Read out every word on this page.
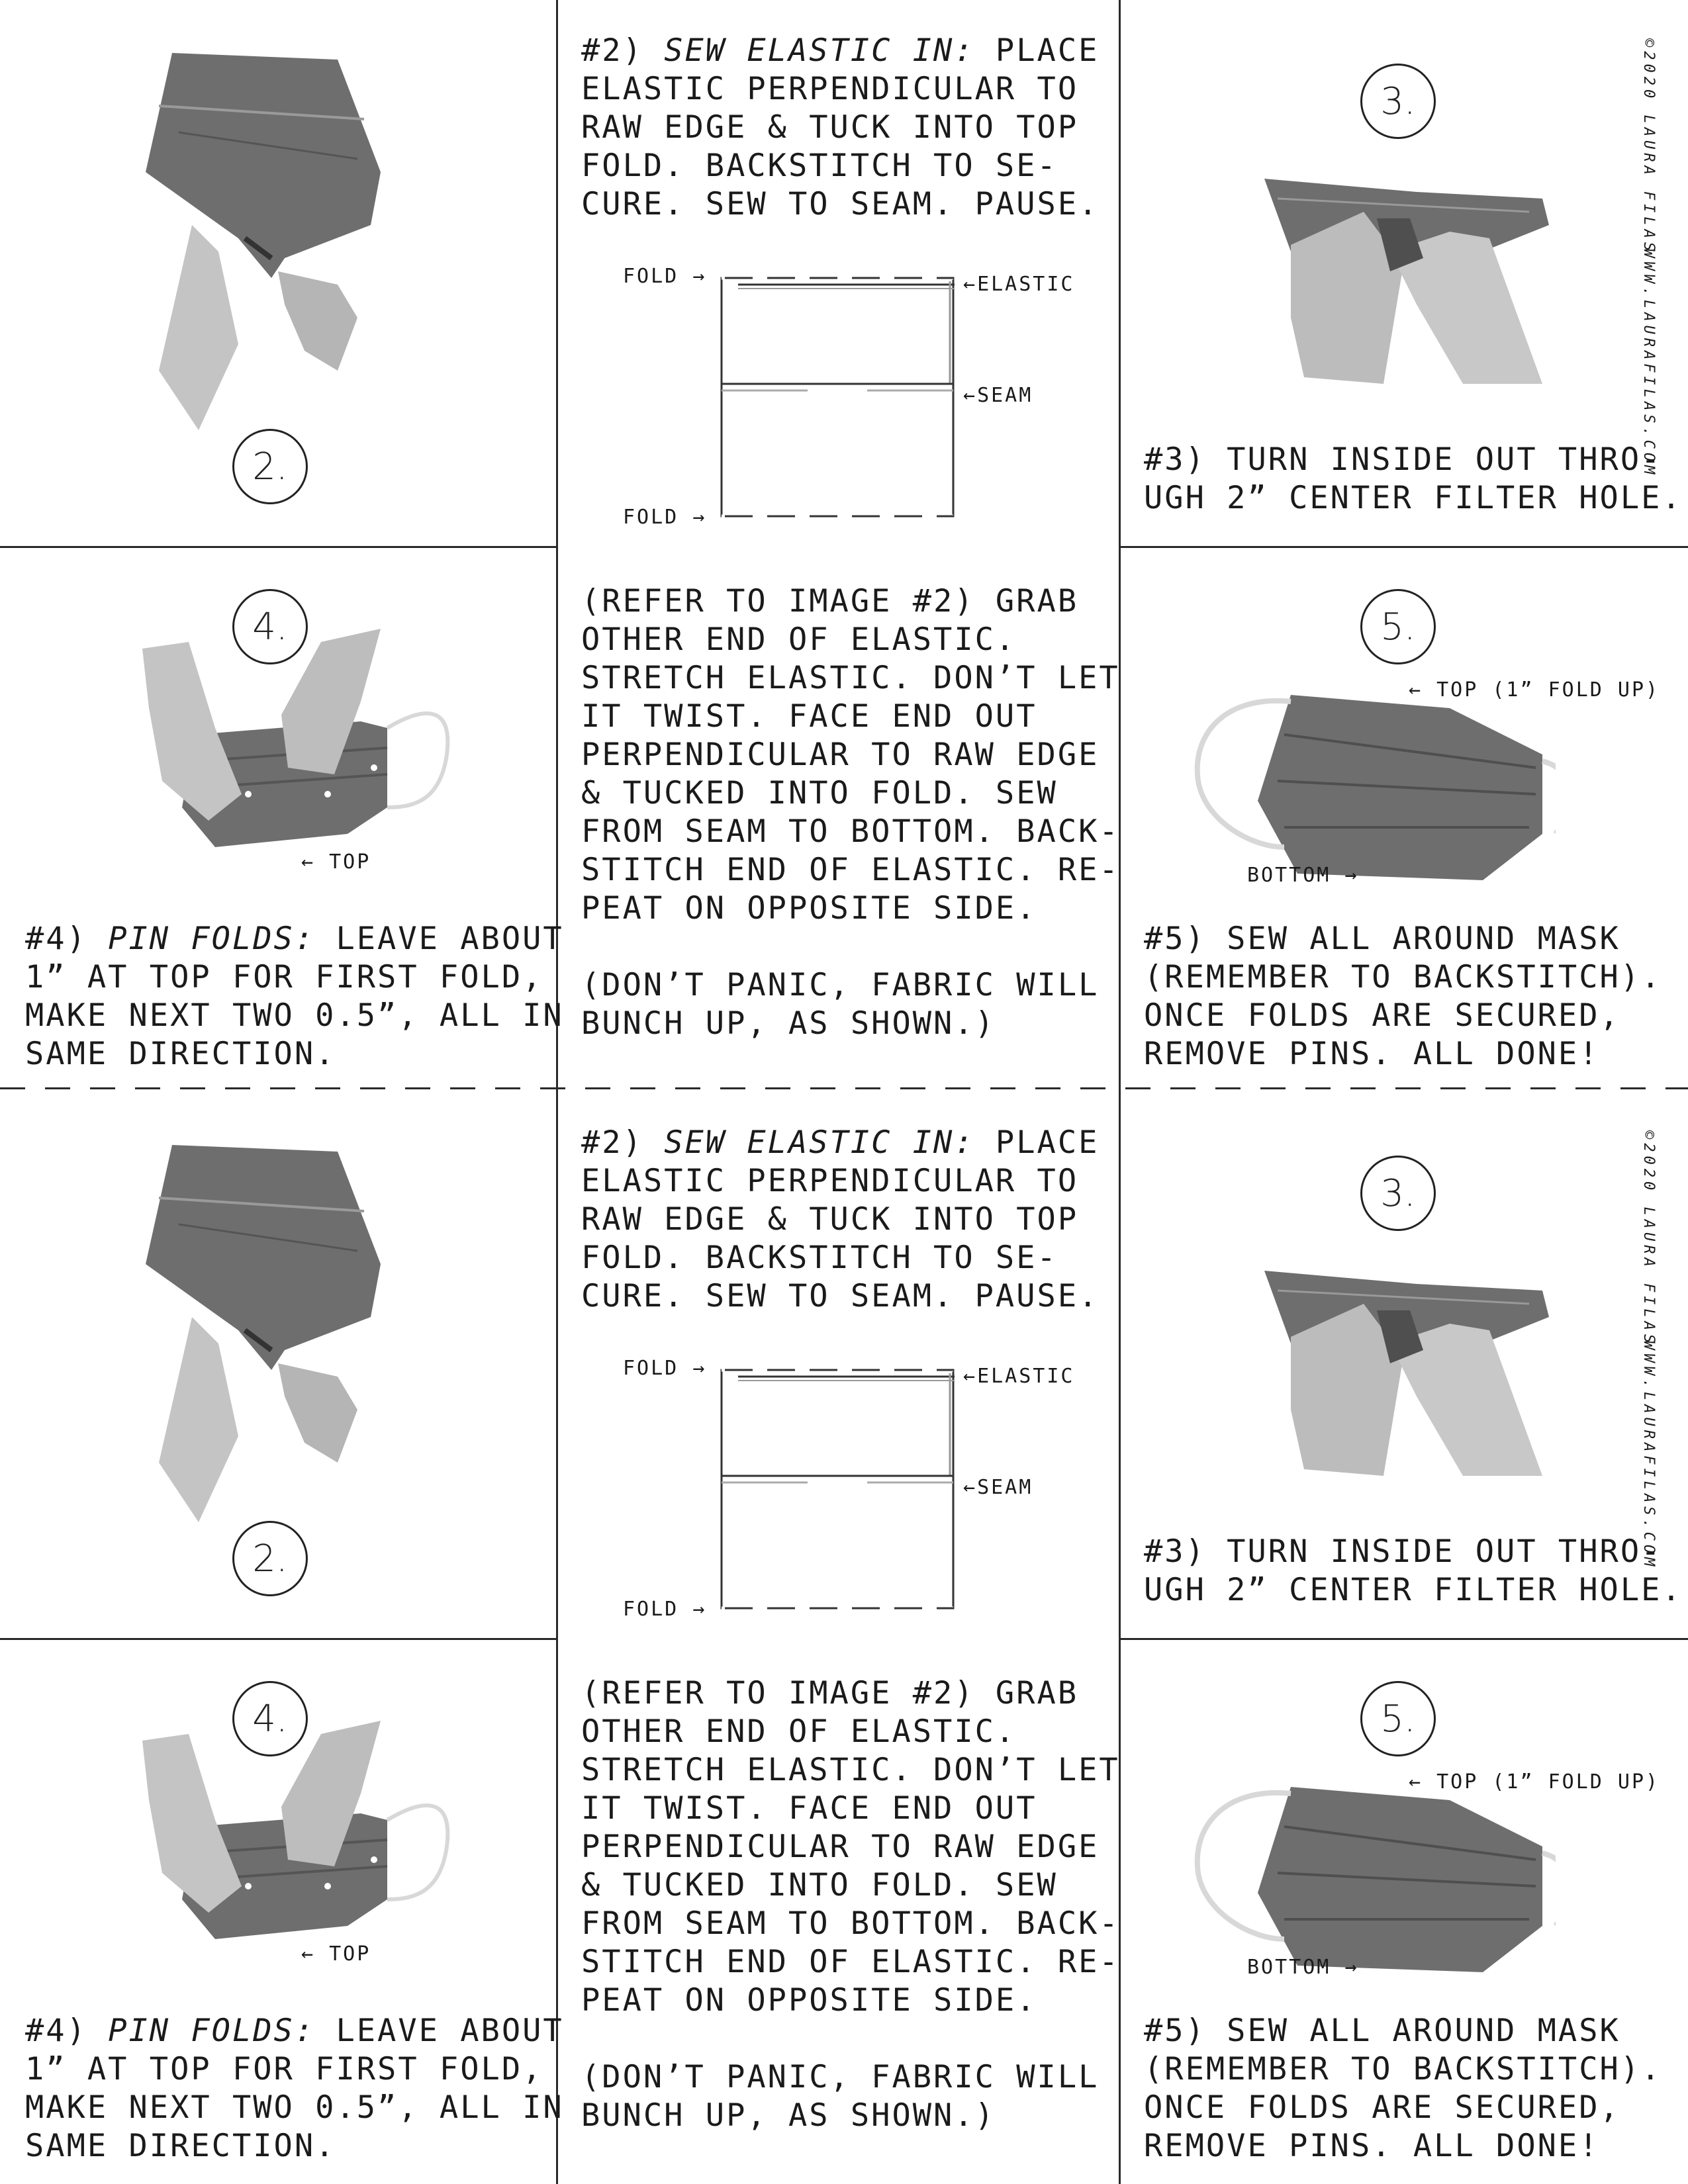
2.

#2) SEW ELASTIC IN: PLACE
ELASTIC PERPENDICULAR TO
RAW EDGE & TUCK INTO TOP
FOLD. BACKSTITCH TO SE-
CURE. SEW TO SEAM. PAUSE.

FOLD →
FOLD →
←ELASTIC
←SEAM
3.

#3) TURN INSIDE OUT THRO-
UGH 2” CENTER FILTER HOLE.

©2020 LAURA FILAS
WWW.LAURAFILAS.COM
4.
← TOP

#4) PIN FOLDS: LEAVE ABOUT
1” AT TOP FOR FIRST FOLD,
MAKE NEXT TWO 0.5”, ALL IN
SAME DIRECTION.

(REFER TO IMAGE #2) GRAB
OTHER END OF ELASTIC.
STRETCH ELASTIC. DON’T LET
IT TWIST. FACE END OUT
PERPENDICULAR TO RAW EDGE
& TUCKED INTO FOLD. SEW
FROM SEAM TO BOTTOM. BACK-
STITCH END OF ELASTIC. RE-
PEAT ON OPPOSITE SIDE.

(DON’T PANIC, FABRIC WILL
BUNCH UP, AS SHOWN.)

5.
← TOP (1” FOLD UP)
BOTTOM →

#5) SEW ALL AROUND MASK
(REMEMBER TO BACKSTITCH).
ONCE FOLDS ARE SECURED,
REMOVE PINS. ALL DONE!

2.

#2) SEW ELASTIC IN: PLACE
ELASTIC PERPENDICULAR TO
RAW EDGE & TUCK INTO TOP
FOLD. BACKSTITCH TO SE-
CURE. SEW TO SEAM. PAUSE.

FOLD →
FOLD →
←ELASTIC
←SEAM
3.

#3) TURN INSIDE OUT THRO-
UGH 2” CENTER FILTER HOLE.

©2020 LAURA FILAS
WWW.LAURAFILAS.COM
4.
← TOP

#4) PIN FOLDS: LEAVE ABOUT
1” AT TOP FOR FIRST FOLD,
MAKE NEXT TWO 0.5”, ALL IN
SAME DIRECTION.

(REFER TO IMAGE #2) GRAB
OTHER END OF ELASTIC.
STRETCH ELASTIC. DON’T LET
IT TWIST. FACE END OUT
PERPENDICULAR TO RAW EDGE
& TUCKED INTO FOLD. SEW
FROM SEAM TO BOTTOM. BACK-
STITCH END OF ELASTIC. RE-
PEAT ON OPPOSITE SIDE.

(DON’T PANIC, FABRIC WILL
BUNCH UP, AS SHOWN.)

5.
← TOP (1” FOLD UP)
BOTTOM →

#5) SEW ALL AROUND MASK
(REMEMBER TO BACKSTITCH).
ONCE FOLDS ARE SECURED,
REMOVE PINS. ALL DONE!
